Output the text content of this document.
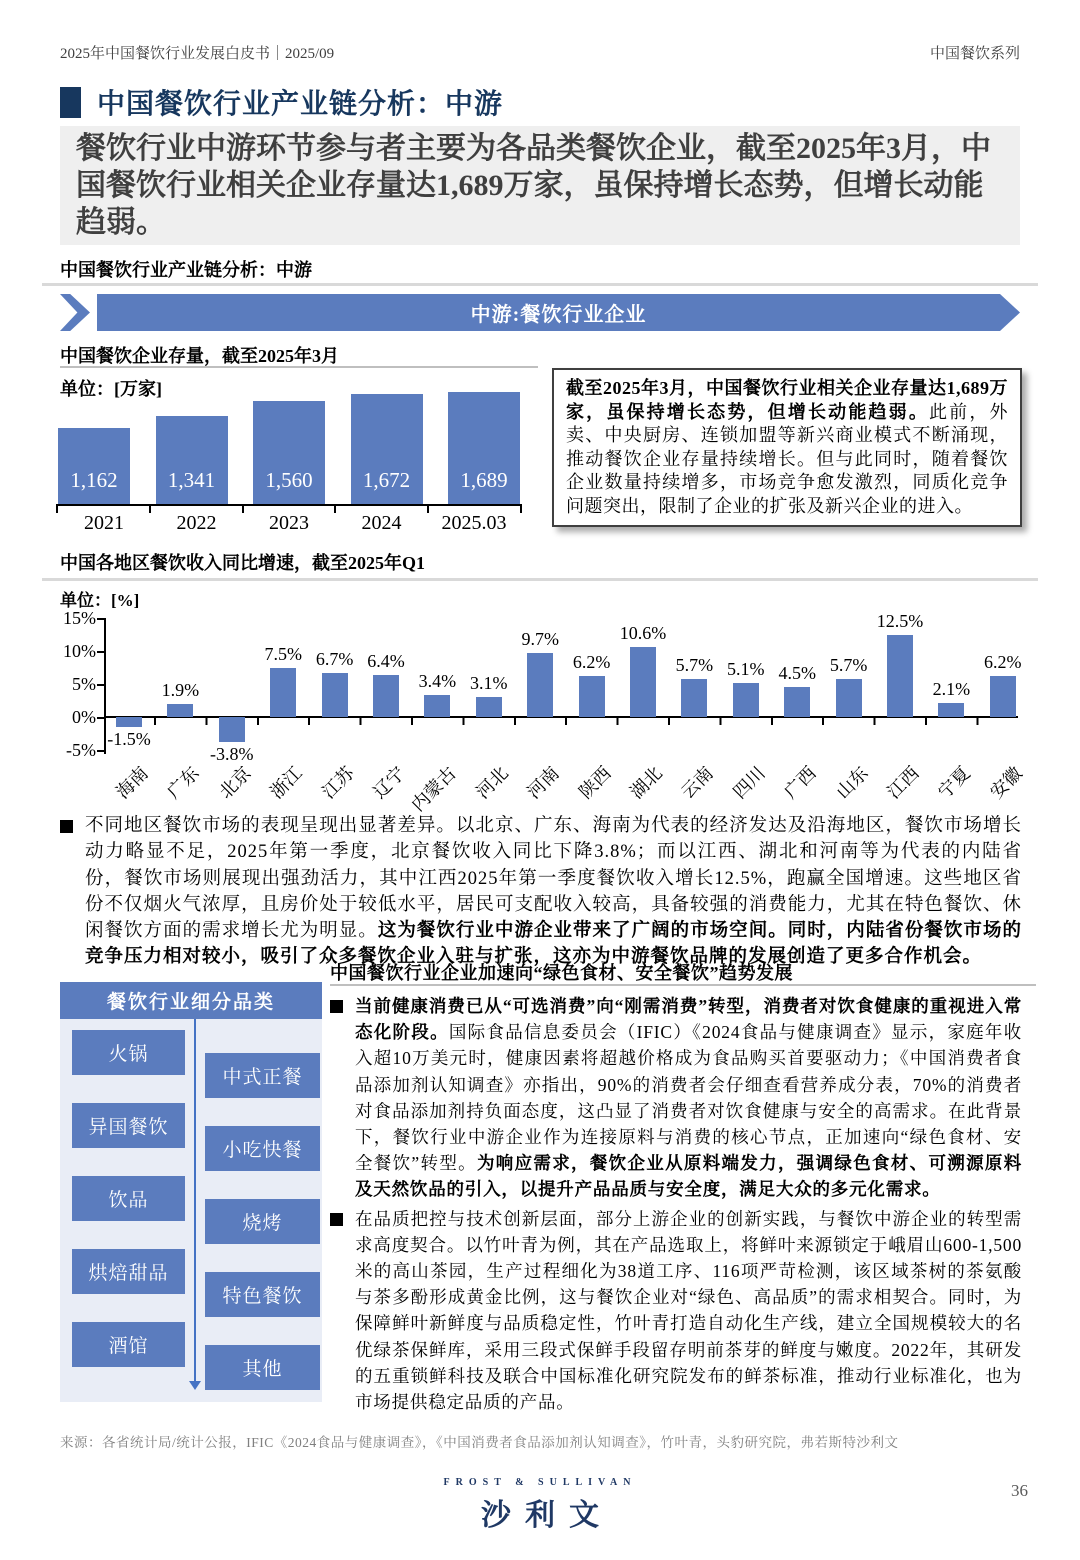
2025年中国餐饮行业发展白皮书｜2025/09	中国餐饮系列
中国餐饮行业产业链分析：中游
餐饮行业中游环节参与者主要为各品类餐饮企业，截至2025年3月，中国餐饮行业相关企业存量达1,689万家，虽保持增长态势，但增长动能趋弱。
中国餐饮行业产业链分析：中游
中游:餐饮行业企业
中国餐饮企业存量，截至2025年3月
单位：[万家]
1,162	1,341	1,560	1,672	1,689
2021	2022	2023	2024	2025.03
截至2025年3月，中国餐饮行业相关企业存量达1,689万家，虽保持增长态势，但增长动能趋弱。此前，外卖、中央厨房、连锁加盟等新兴商业模式不断涌现，推动餐饮企业存量持续增长。但与此同时，随着餐饮企业数量持续增多，市场竞争愈发激烈，同质化竞争问题突出，限制了企业的扩张及新兴企业的进入。
中国各地区餐饮收入同比增速，截至2025年Q1
单位：[%]
15%
10%
5%
0%
-5%
-1.5%
1.9%
-3.8%
7.5% 6.7% 6.4%
3.4% 3.1%
9.7%
6.2%
10.6%
5.7% 5.1% 4.5% 5.7%
12.5%
2.1%
6.2%
海南 广东 北京 浙江 江苏 辽宁 内蒙古 河北 河南 陕西 湖北 云南 四川 广西 山东 江西 宁夏 安徽
不同地区餐饮市场的表现呈现出显著差异。以北京、广东、海南为代表的经济发达及沿海地区，餐饮市场增长动力略显不足，2025年第一季度，北京餐饮收入同比下降3.8%；而以江西、湖北和河南等为代表的内陆省份，餐饮市场则展现出强劲活力，其中江西2025年第一季度餐饮收入增长12.5%，跑赢全国增速。这些地区省份不仅烟火气浓厚，且房价处于较低水平，居民可支配收入较高，具备较强的消费能力，尤其在特色餐饮、休闲餐饮方面的需求增长尤为明显。这为餐饮行业中游企业带来了广阔的市场空间。同时，内陆省份餐饮市场的竞争压力相对较小，吸引了众多餐饮企业入驻与扩张，这亦为中游餐饮品牌的发展创造了更多合作机会。
餐饮行业细分品类
火锅
异国餐饮
饮品
烘焙甜品
酒馆
中式正餐
小吃快餐
烧烤
特色餐饮
其他
中国餐饮行业企业加速向“绿色食材、安全餐饮”趋势发展
当前健康消费已从“可选消费”向“刚需消费”转型，消费者对饮食健康的重视进入常态化阶段。国际食品信息委员会（IFIC）《2024食品与健康调查》显示，家庭年收入超10万美元时，健康因素将超越价格成为食品购买首要驱动力；《中国消费者食品添加剂认知调查》亦指出，90%的消费者会仔细查看营养成分表，70%的消费者对食品添加剂持负面态度，这凸显了消费者对饮食健康与安全的高需求。在此背景下，餐饮行业中游企业作为连接原料与消费的核心节点，正加速向“绿色食材、安全餐饮”转型。为响应需求，餐饮企业从原料端发力，强调绿色食材、可溯源原料及天然饮品的引入，以提升产品品质与安全度，满足大众的多元化需求。
在品质把控与技术创新层面，部分上游企业的创新实践，与餐饮中游企业的转型需求高度契合。以竹叶青为例，其在产品选取上，将鲜叶来源锁定于峨眉山600-1,500米的高山茶园，生产过程细化为38道工序、116项严苛检测，该区域茶树的茶氨酸与茶多酚形成黄金比例，这与餐饮企业对“绿色、高品质”的需求相契合。同时，为保障鲜叶新鲜度与品质稳定性，竹叶青打造自动化生产线，建立全国规模较大的名优绿茶保鲜库，采用三段式保鲜手段留存明前茶芽的鲜度与嫩度。2022年，其研发的五重锁鲜科技及联合中国标准化研究院发布的鲜茶标准，推动行业标准化，也为市场提供稳定品质的产品。
来源：各省统计局/统计公报，IFIC《2024食品与健康调查》，《中国消费者食品添加剂认知调查》，竹叶青，头豹研究院，弗若斯特沙利文
FROST & SULLIVAN
沙利文
36
